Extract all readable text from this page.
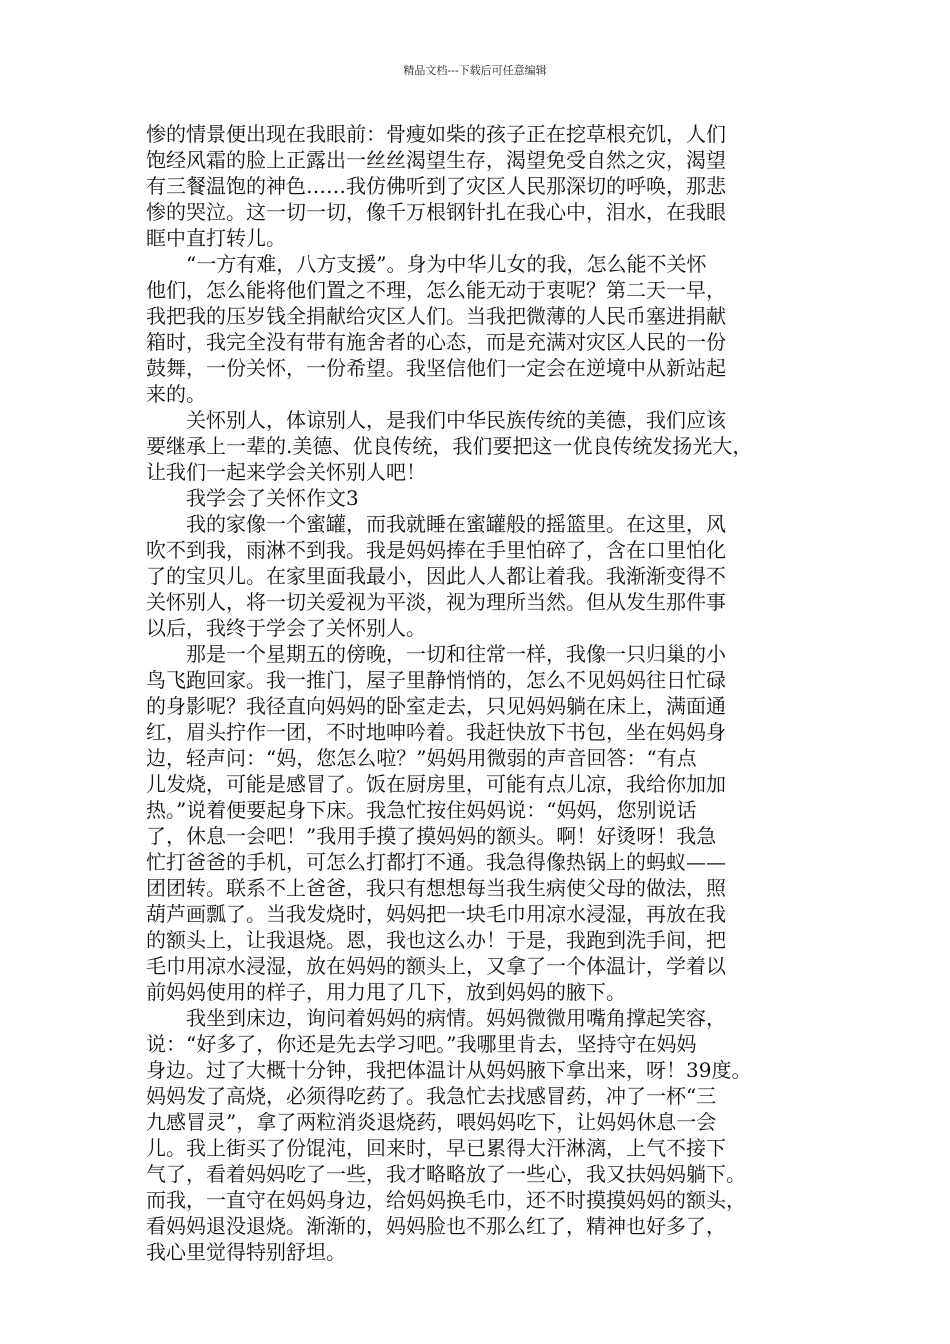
精品文档---下载后可任意编辑
惨的情景便出现在我眼前：骨瘦如柴的孩子正在挖草根充饥，人们
饱经风霜的脸上正露出一丝丝渴望生存，渴望免受自然之灾，渴望
有三餐温饱的神色……我仿佛听到了灾区人民那深切的呼唤，那悲
惨的哭泣。这一切一切，像千万根钢针扎在我心中，泪水，在我眼
眶中直打转儿。
“一方有难，八方支援”。身为中华儿女的我，怎么能不关怀
他们，怎么能将他们置之不理，怎么能无动于衷呢？第二天一早，
我把我的压岁钱全捐献给灾区人们。当我把微薄的人民币塞进捐献
箱时，我完全没有带有施舍者的心态，而是充满对灾区人民的一份
鼓舞，一份关怀，一份希望。我坚信他们一定会在逆境中从新站起
来的。
关怀别人，体谅别人，是我们中华民族传统的美德，我们应该
要继承上一辈的.美德、优良传统，我们要把这一优良传统发扬光大，
让我们一起来学会关怀别人吧！
我学会了关怀作文3
我的家像一个蜜罐，而我就睡在蜜罐般的摇篮里。在这里，风
吹不到我，雨淋不到我。我是妈妈捧在手里怕碎了，含在口里怕化
了的宝贝儿。在家里面我最小，因此人人都让着我。我渐渐变得不
关怀别人，将一切关爱视为平淡，视为理所当然。但从发生那件事
以后，我终于学会了关怀别人。
那是一个星期五的傍晚，一切和往常一样，我像一只归巢的小
鸟飞跑回家。我一推门，屋子里静悄悄的，怎么不见妈妈往日忙碌
的身影呢？我径直向妈妈的卧室走去，只见妈妈躺在床上，满面通
红，眉头拧作一团，不时地呻吟着。我赶快放下书包，坐在妈妈身
边，轻声问：“妈，您怎么啦？”妈妈用微弱的声音回答：“有点
儿发烧，可能是感冒了。饭在厨房里，可能有点儿凉，我给你加加
热。”说着便要起身下床。我急忙按住妈妈说：“妈妈，您别说话
了，休息一会吧！”我用手摸了摸妈妈的额头。啊！好烫呀！我急
忙打爸爸的手机，可怎么打都打不通。我急得像热锅上的蚂蚁——
团团转。联系不上爸爸，我只有想想每当我生病使父母的做法，照
葫芦画瓢了。当我发烧时，妈妈把一块毛巾用凉水浸湿，再放在我
的额头上，让我退烧。恩，我也这么办！于是，我跑到洗手间，把
毛巾用凉水浸湿，放在妈妈的额头上，又拿了一个体温计，学着以
前妈妈使用的样子，用力甩了几下，放到妈妈的腋下。
我坐到床边，询问着妈妈的病情。妈妈微微用嘴角撑起笑容，
说：“好多了，你还是先去学习吧。”我哪里肯去，坚持守在妈妈
身边。过了大概十分钟，我把体温计从妈妈腋下拿出来，呀！39度。
妈妈发了高烧，必须得吃药了。我急忙去找感冒药，冲了一杯“三
九感冒灵”，拿了两粒消炎退烧药，喂妈妈吃下，让妈妈休息一会
儿。我上街买了份馄沌，回来时，早已累得大汗淋漓，上气不接下
气了，看着妈妈吃了一些，我才略略放了一些心，我又扶妈妈躺下。
而我，一直守在妈妈身边，给妈妈换毛巾，还不时摸摸妈妈的额头，
看妈妈退没退烧。渐渐的，妈妈脸也不那么红了，精神也好多了，
我心里觉得特别舒坦。
